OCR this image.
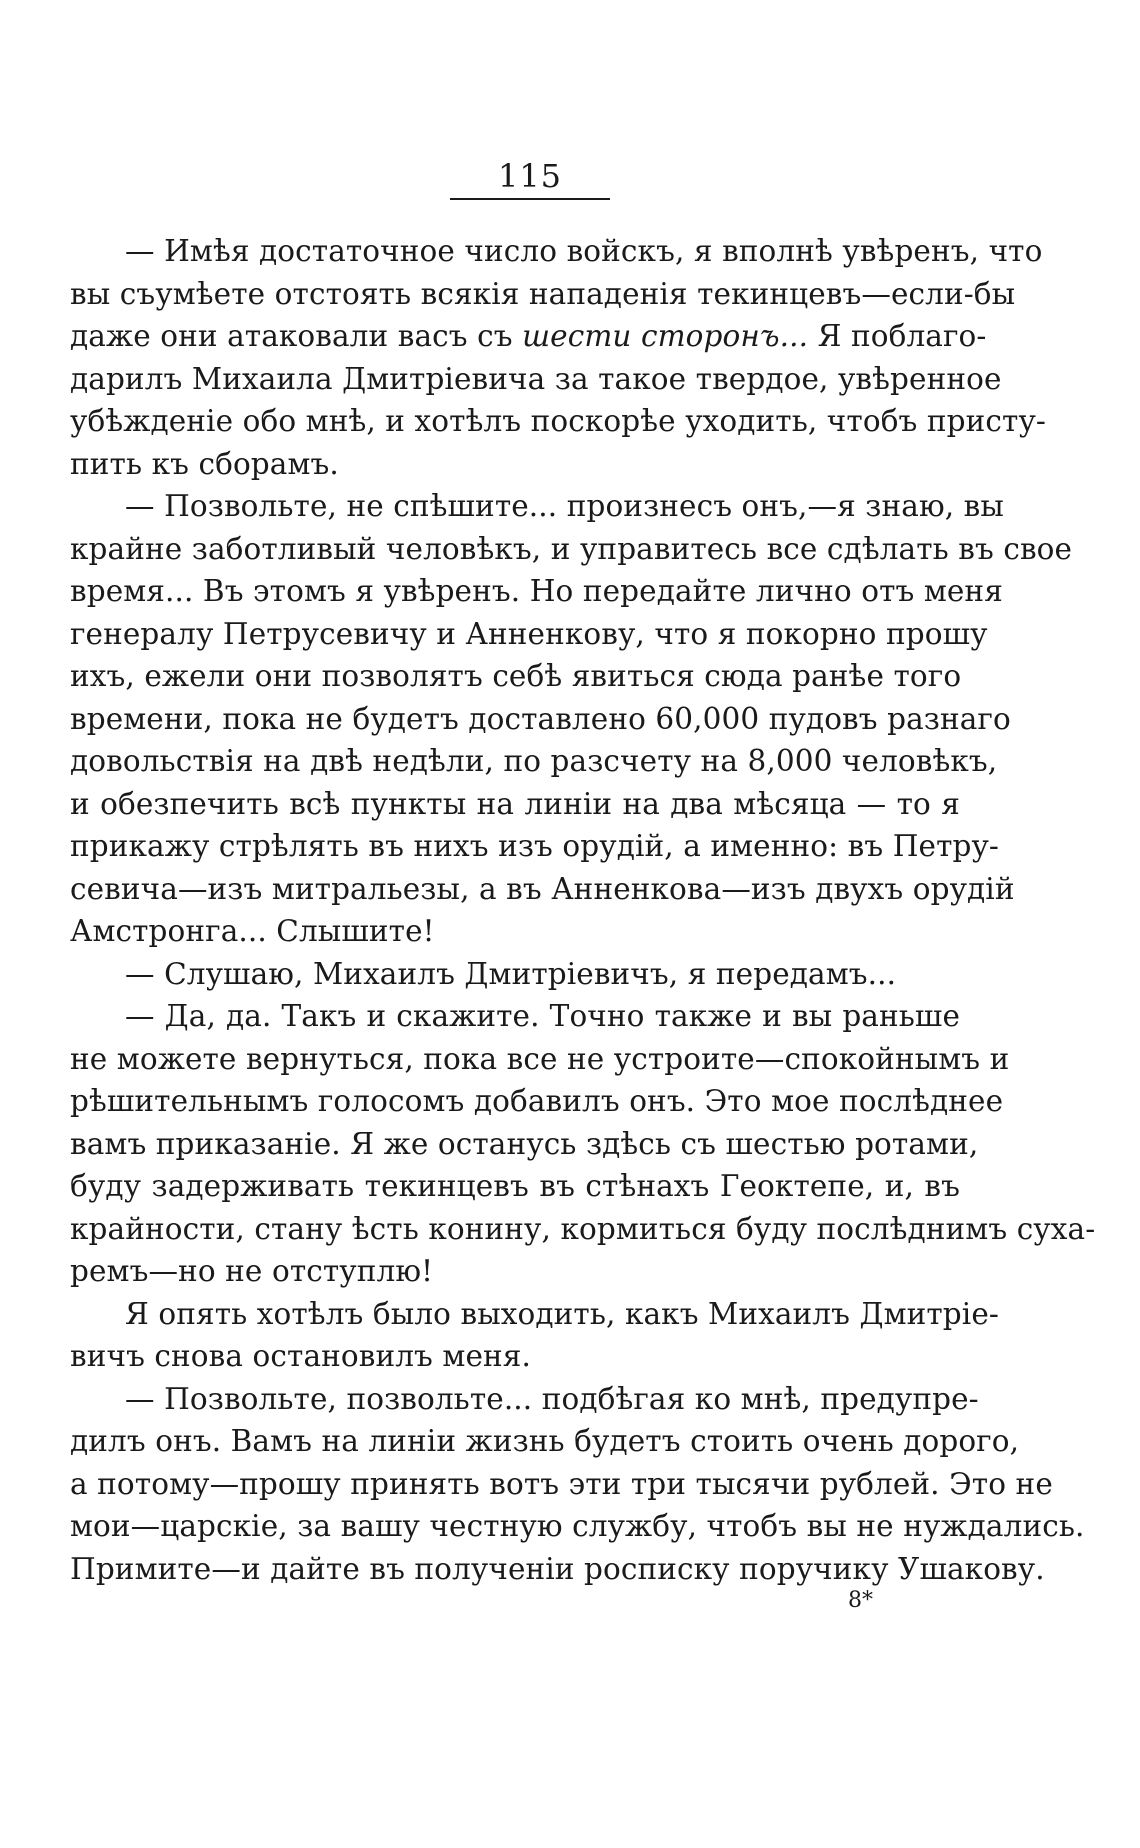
115
— Имѣя достаточное число войскъ, я вполнѣ увѣренъ, что
вы съумѣете отстоять всякія нападенія текинцевъ—если-бы
даже они атаковали васъ съ шести сторонъ... Я поблаго-
дарилъ Михаила Дмитріевича за такое твердое, увѣренное
убѣжденіе обо мнѣ, и хотѣлъ поскорѣе уходить, чтобъ присту-
пить къ сборамъ.
— Позвольте, не спѣшите... произнесъ онъ,—я знаю, вы
крайне заботливый человѣкъ, и управитесь все сдѣлать въ свое
время... Въ этомъ я увѣренъ. Но передайте лично отъ меня
генералу Петрусевичу и Анненкову, что я покорно прошу
ихъ, ежели они позволятъ себѣ явиться сюда ранѣе того
времени, пока не будетъ доставлено 60,000 пудовъ разнаго
довольствія на двѣ недѣли, по разсчету на 8,000 человѣкъ,
и обезпечить всѣ пункты на линіи на два мѣсяца — то я
прикажу стрѣлять въ нихъ изъ орудій, а именно: въ Петру-
севича—изъ митральезы, а въ Анненкова—изъ двухъ орудій
Амстронга... Слышите!
— Слушаю, Михаилъ Дмитріевичъ, я передамъ...
— Да, да. Такъ и скажите. Точно также и вы раньше
не можете вернуться, пока все не устроите—спокойнымъ и
рѣшительнымъ голосомъ добавилъ онъ. Это мое послѣднее
вамъ приказаніе. Я же останусь здѣсь съ шестью ротами,
буду задерживать текинцевъ въ стѣнахъ Геоктепе, и, въ
крайности, стану ѣсть конину, кормиться буду послѣднимъ суха-
ремъ—но не отступлю!
Я опять хотѣлъ было выходить, какъ Михаилъ Дмитріе-
вичъ снова остановилъ меня.
— Позвольте, позвольте... подбѣгая ко мнѣ, предупре-
дилъ онъ. Вамъ на линіи жизнь будетъ стоить очень дорого,
а потому—прошу принять вотъ эти три тысячи рублей. Это не
мои—царскіе, за вашу честную службу, чтобъ вы не нуждались.
Примите—и дайте въ полученіи росписку поручику Ушакову.
8*
